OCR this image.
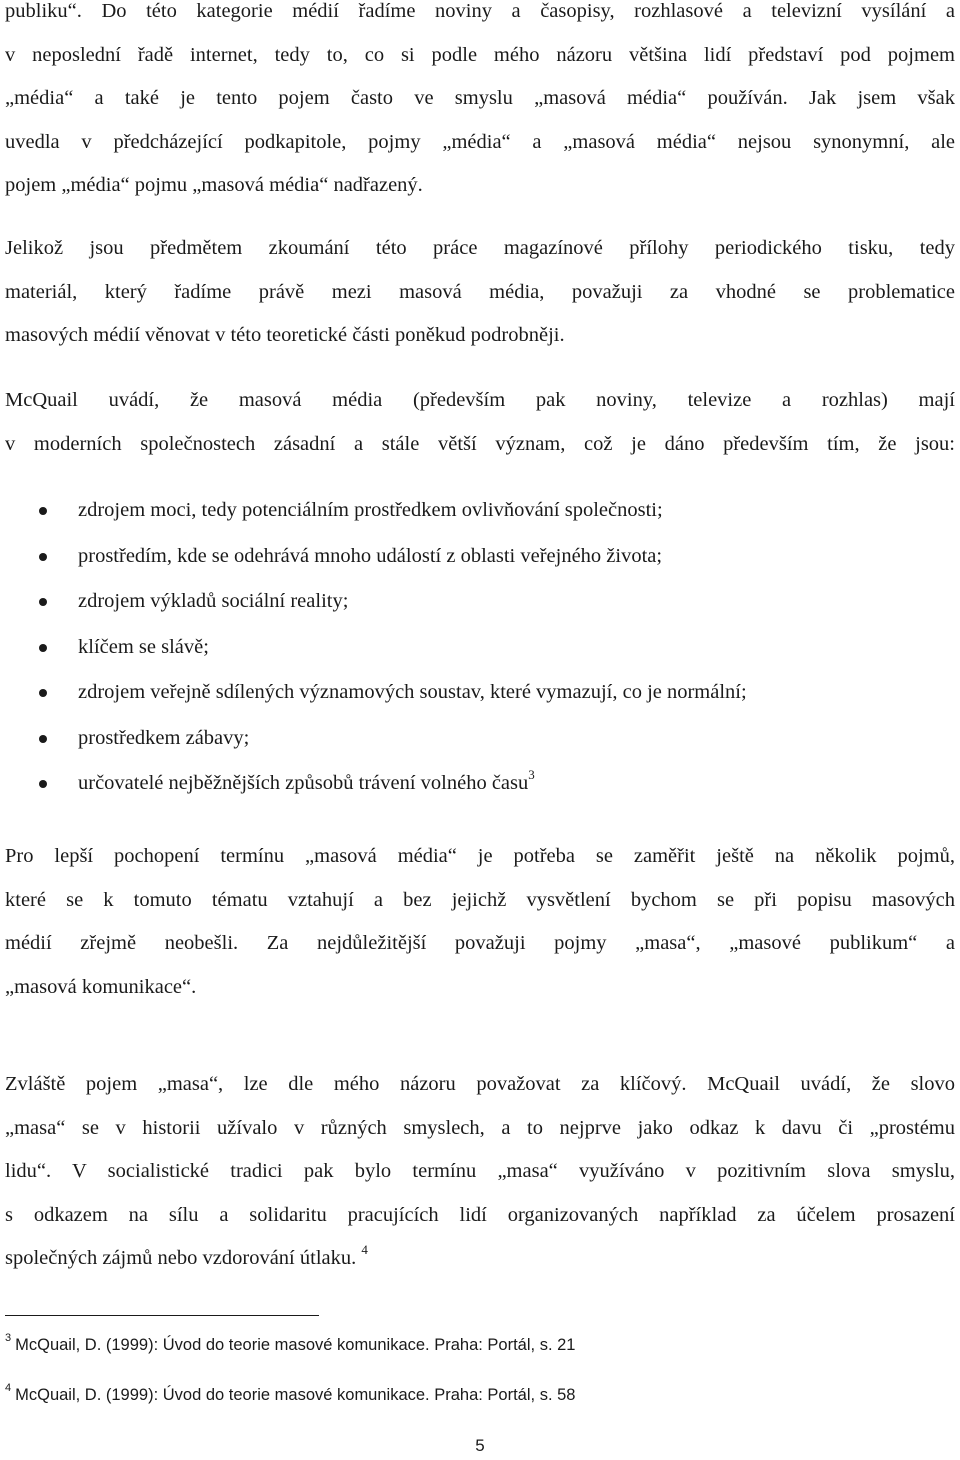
publiku“. Do této kategorie médií řadíme noviny a časopisy, rozhlasové a televizní vysílání a
v neposlední řadě internet, tedy to, co si podle mého názoru většina lidí představí pod pojmem
„média“ a také je tento pojem často ve smyslu „masová média“ používán. Jak jsem však
uvedla v předcházející podkapitole, pojmy „média“ a „masová média“ nejsou synonymní, ale
pojem „média“ pojmu „masová média“ nadřazený.

Jelikož jsou předmětem zkoumání této práce magazínové přílohy periodického tisku, tedy
materiál, který řadíme právě mezi masová média, považuji za vhodné se problematice
masových médií věnovat v této teoretické části poněkud podrobněji.

McQuail uvádí, že masová média (především pak noviny, televize a rozhlas) mají
v moderních společnostech zásadní a stále větší význam, což je dáno především tím, že jsou:

zdrojem moci, tedy potenciálním prostředkem ovlivňování společnosti;
prostředím, kde se odehrává mnoho událostí z oblasti veřejného života;
zdrojem výkladů sociální reality;
klíčem se slávě;
zdrojem veřejně sdílených významových soustav, které vymazují, co je normální;
prostředkem zábavy;
určovatelé nejběžnějších způsobů trávení volného času$^3$

Pro lepší pochopení termínu „masová média“ je potřeba se zaměřit ještě na několik pojmů,
které se k tomuto tématu vztahují a bez jejichž vysvětlení bychom se při popisu masových
médií zřejmě neobešli. Za nejdůležitější považuji pojmy „masa“, „masové publikum“ a
„masová komunikace“.

Zvláště pojem „masa“, lze dle mého názoru považovat za klíčový. McQuail uvádí, že slovo
„masa“ se v historii užívalo v různých smyslech, a to nejprve jako odkaz k davu či „prostému
lidu“. V socialistické tradici pak bylo termínu „masa“ využíváno v pozitivním slova smyslu,
s odkazem na sílu a solidaritu pracujících lidí organizovaných například za účelem prosazení
společných zájmů nebo vzdorování útlaku. $^4$

$^3$ McQuail, D. (1999): Úvod do teorie masové komunikace. Praha: Portál, s. 21
$^4$ McQuail, D. (1999): Úvod do teorie masové komunikace. Praha: Portál, s. 58
5
